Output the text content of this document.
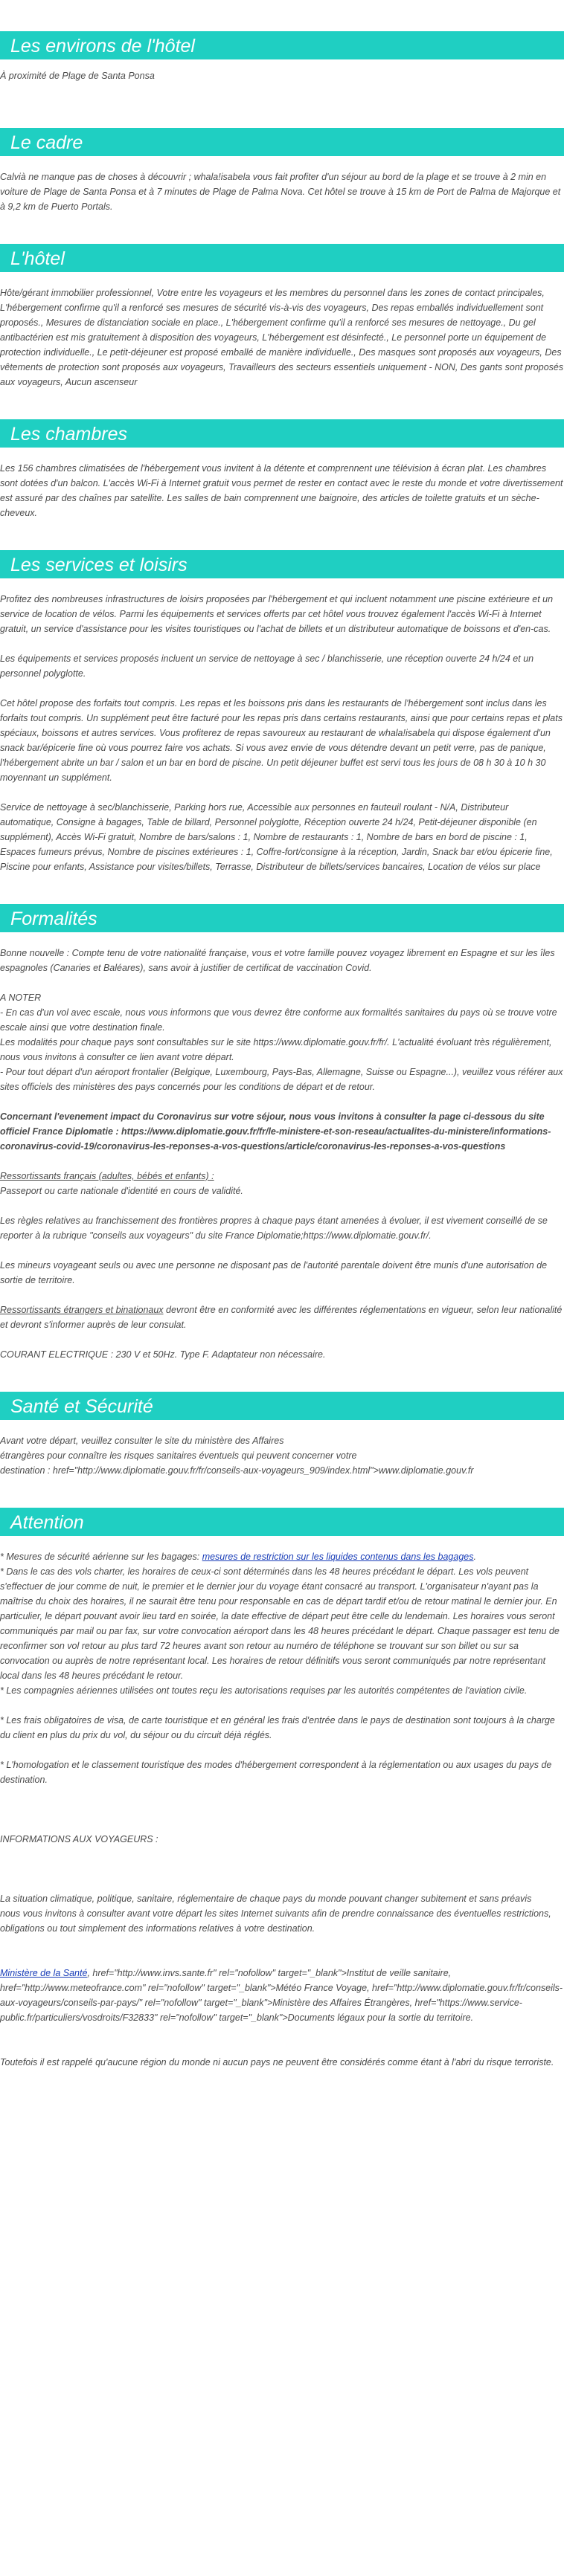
Les environs de l'hôtel

À proximité de Plage de Santa Ponsa

Le cadre

Calvià ne manque pas de choses à découvrir ; whala!isabela vous fait profiter d'un séjour au bord de la plage et se trouve à 2 min en voiture de Plage de Santa Ponsa et à 7 minutes de Plage de Palma Nova. Cet hôtel se trouve à 15 km de Port de Palma de Majorque et à 9,2 km de Puerto Portals.

L'hôtel

Hôte/gérant immobilier professionnel, Votre entre les voyageurs et les membres du personnel dans les zones de contact principales, L'hébergement confirme qu'il a renforcé ses mesures de sécurité vis-à-vis des voyageurs, Des repas emballés individuellement sont proposés., Mesures de distanciation sociale en place., L'hébergement confirme qu'il a renforcé ses mesures de nettoyage., Du gel antibactérien est mis gratuitement à disposition des voyageurs, L'hébergement est désinfecté., Le personnel porte un équipement de protection individuelle., Le petit-déjeuner est proposé emballé de manière individuelle., Des masques sont proposés aux voyageurs, Des vêtements de protection sont proposés aux voyageurs, Travailleurs des secteurs essentiels uniquement - NON, Des gants sont proposés aux voyageurs, Aucun ascenseur

Les chambres

Les 156 chambres climatisées de l'hébergement vous invitent à la détente et comprennent une télévision à écran plat. Les chambres sont dotées d'un balcon. L'accès Wi-Fi à Internet gratuit vous permet de rester en contact avec le reste du monde et votre divertissement est assuré par des chaînes par satellite. Les salles de bain comprennent une baignoire, des articles de toilette gratuits et un sèche-cheveux.

Les services et loisirs

Profitez des nombreuses infrastructures de loisirs proposées par l'hébergement et qui incluent notamment une piscine extérieure et un service de location de vélos. Parmi les équipements et services offerts par cet hôtel vous trouvez également l'accès Wi-Fi à Internet gratuit, un service d'assistance pour les visites touristiques ou l'achat de billets et un distributeur automatique de boissons et d'en-cas.

Les équipements et services proposés incluent un service de nettoyage à sec / blanchisserie, une réception ouverte 24 h/24 et un personnel polyglotte.

Cet hôtel propose des forfaits tout compris. Les repas et les boissons pris dans les restaurants de l'hébergement sont inclus dans les forfaits tout compris. Un supplément peut être facturé pour les repas pris dans certains restaurants, ainsi que pour certains repas et plats spéciaux, boissons et autres services. Vous profiterez de repas savoureux au restaurant de whala!isabela qui dispose également d'un snack bar/épicerie fine où vous pourrez faire vos achats. Si vous avez envie de vous détendre devant un petit verre, pas de panique, l'hébergement abrite un bar / salon et un bar en bord de piscine. Un petit déjeuner buffet est servi tous les jours de 08 h 30 à 10 h 30 moyennant un supplément.

Service de nettoyage à sec/blanchisserie, Parking hors rue, Accessible aux personnes en fauteuil roulant - N/A, Distributeur automatique, Consigne à bagages, Table de billard, Personnel polyglotte, Réception ouverte 24 h/24, Petit-déjeuner disponible (en supplément), Accès Wi-Fi gratuit, Nombre de bars/salons : 1, Nombre de restaurants : 1, Nombre de bars en bord de piscine : 1, Espaces fumeurs prévus, Nombre de piscines extérieures : 1, Coffre-fort/consigne à la réception, Jardin, Snack bar et/ou épicerie fine, Piscine pour enfants, Assistance pour visites/billets, Terrasse, Distributeur de billets/services bancaires, Location de vélos sur place

Formalités

Bonne nouvelle : Compte tenu de votre nationalité française, vous et votre famille pouvez voyagez librement en Espagne et sur les îles espagnoles (Canaries et Baléares), sans avoir à justifier de certificat de vaccination Covid.

A NOTER

- En cas d'un vol avec escale, nous vous informons que vous devrez être conforme aux formalités sanitaires du pays où se trouve votre escale ainsi que votre destination finale.

Les modalités pour chaque pays sont consultables sur le site https://www.diplomatie.gouv.fr/fr/. L'actualité évoluant très régulièrement, nous vous invitons à consulter ce lien avant votre départ.

- Pour tout départ d'un aéroport frontalier (Belgique, Luxembourg, Pays-Bas, Allemagne, Suisse ou Espagne...), veuillez vous référer aux sites officiels des ministères des pays concernés pour les conditions de départ et de retour.

Concernant l'evenement impact du Coronavirus sur votre séjour, nous vous invitons à consulter la page ci-dessous du site officiel France Diplomatie : https://www.diplomatie.gouv.fr/fr/le-ministere-et-son-reseau/actualites-du-ministere/informations-coronavirus-covid-19/coronavirus-les-reponses-a-vos-questions/article/coronavirus-les-reponses-a-vos-questions

Ressortissants français (adultes, bébés et enfants) :

Passeport ou carte nationale d'identité en cours de validité.

Les règles relatives au franchissement des frontières propres à chaque pays étant amenées à évoluer, il est vivement conseillé de se reporter à la rubrique "conseils aux voyageurs" du site France Diplomatie;https://www.diplomatie.gouv.fr/.

Les mineurs voyageant seuls ou avec une personne ne disposant pas de l'autorité parentale doivent être munis d'une autorisation de sortie de territoire.

Ressortissants étrangers et binationaux devront être en conformité avec les différentes réglementations en vigueur, selon leur nationalité et devront s'informer auprès de leur consulat.

COURANT ELECTRIQUE : 230 V et 50Hz. Type F. Adaptateur non nécessaire.

Santé et Sécurité

Avant votre départ, veuillez consulter le site du ministère des Affaires

étrangères pour connaître les risques sanitaires éventuels qui peuvent concerner votre

destination : href="http://www.diplomatie.gouv.fr/fr/conseils-aux-voyageurs_909/index.html">www.diplomatie.gouv.fr

Attention

* Mesures de sécurité aérienne sur les bagages: mesures de restriction sur les liquides contenus dans les bagages.

* Dans le cas des vols charter, les horaires de ceux-ci sont déterminés dans les 48 heures précédant le départ. Les vols peuvent s'effectuer de jour comme de nuit, le premier et le dernier jour du voyage étant consacré au transport. L'organisateur n'ayant pas la maîtrise du choix des horaires, il ne saurait être tenu pour responsable en cas de départ tardif et/ou de retour matinal le dernier jour. En particulier, le départ pouvant avoir lieu tard en soirée, la date effective de départ peut être celle du lendemain. Les horaires vous seront communiqués par mail ou par fax, sur votre convocation aéroport dans les 48 heures précédant le départ. Chaque passager est tenu de reconfirmer son vol retour au plus tard 72 heures avant son retour au numéro de téléphone se trouvant sur son billet ou sur sa convocation ou auprès de notre représentant local. Les horaires de retour définitifs vous seront communiqués par notre représentant local dans les 48 heures précédant le retour.

* Les compagnies aériennes utilisées ont toutes reçu les autorisations requises par les autorités compétentes de l'aviation civile.

* Les frais obligatoires de visa, de carte touristique et en général les frais d'entrée dans le pays de destination sont toujours à la charge du client en plus du prix du vol, du séjour ou du circuit déjà réglés.

* L'homologation et le classement touristique des modes d'hébergement correspondent à la réglementation ou aux usages du pays de destination.

INFORMATIONS AUX VOYAGEURS :

La situation climatique, politique, sanitaire, réglementaire de chaque pays du monde pouvant changer subitement et sans préavis

nous vous invitons à consulter avant votre départ les sites Internet suivants afin de prendre connaissance des éventuelles restrictions, obligations ou tout simplement des informations relatives à votre destination.

Ministère de la Santé, href="http://www.invs.sante.fr" rel="nofollow" target="_blank">Institut de veille sanitaire, href="http://www.meteofrance.com" rel="nofollow" target="_blank">Météo France Voyage, href="http://www.diplomatie.gouv.fr/fr/conseils-aux-voyageurs/conseils-par-pays/" rel="nofollow" target="_blank">Ministère des Affaires Étrangères, href="https://www.service-public.fr/particuliers/vosdroits/F32833" rel="nofollow" target="_blank">Documents légaux pour la sortie du territoire.

Toutefois il est rappelé qu'aucune région du monde ni aucun pays ne peuvent être considérés comme étant à l'abri du risque terroriste.
